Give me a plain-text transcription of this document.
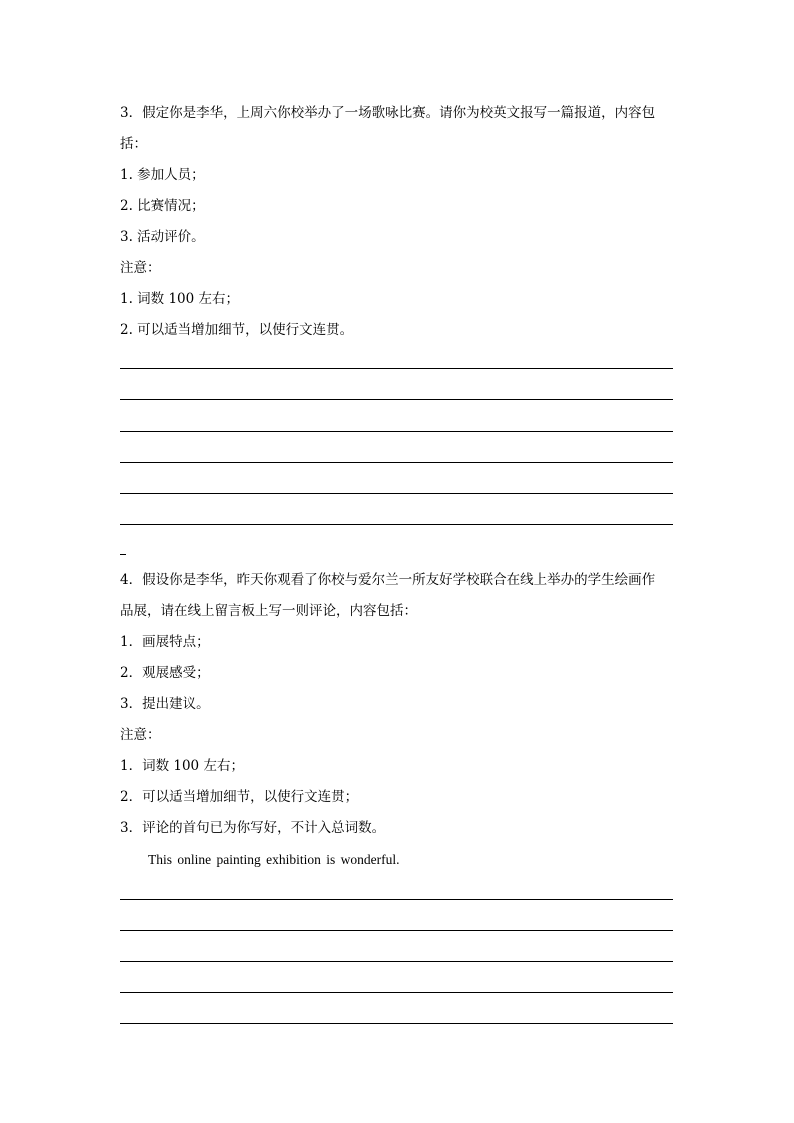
3．假定你是李华，上周六你校举办了一场歌咏比赛。请你为校英文报写一篇报道，内容包
括：
1. 参加人员；
2. 比赛情况；
3. 活动评价。
注意：
1. 词数 100 左右；
2. 可以适当增加细节，以使行文连贯。
4．假设你是李华，昨天你观看了你校与爱尔兰一所友好学校联合在线上举办的学生绘画作
品展，请在线上留言板上写一则评论，内容包括：
1．画展特点；
2．观展感受；
3．提出建议。
注意：
1．词数 100 左右；
2．可以适当增加细节，以使行文连贯；
3．评论的首句已为你写好，不计入总词数。
This online painting exhibition is wonderful.
